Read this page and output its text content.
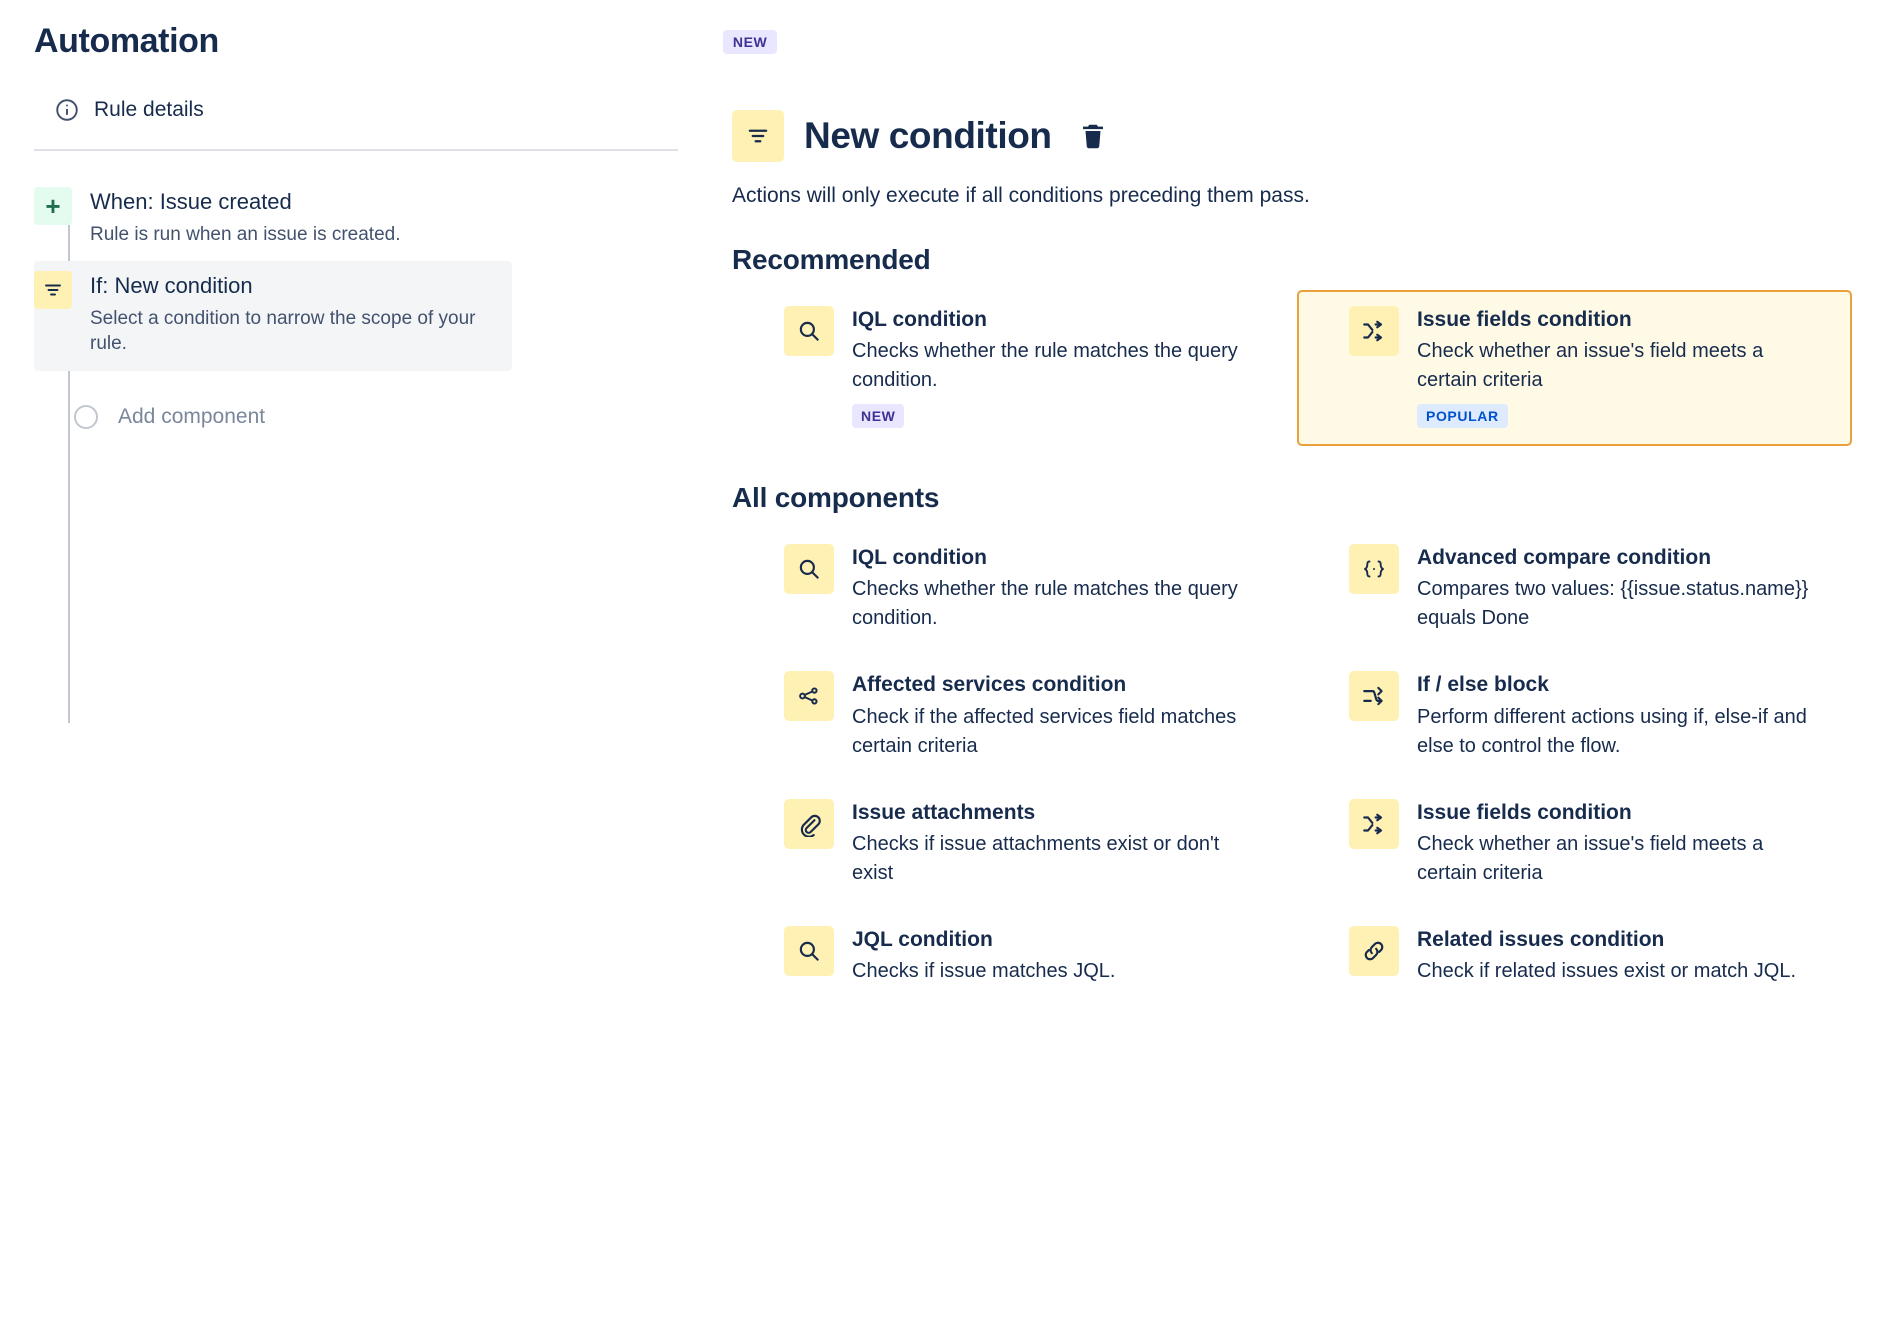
Automation	NEW
Rule details
+	When: Issue created
Rule is run when an issue is created.
If: New condition
Select a condition to narrow the scope of your rule.
Add component
New condition
Actions will only execute if all conditions preceding them pass.
Recommended
IQL condition
Checks whether the rule matches the query condition.
NEW
Issue fields condition
Check whether an issue's field meets a certain criteria
POPULAR
All components
IQL condition
Checks whether the rule matches the query condition.
Advanced compare condition
Compares two values: {{issue.status.name}} equals Done
Affected services condition
Check if the affected services field matches certain criteria
If / else block
Perform different actions using if, else-if and else to control the flow.
Issue attachments
Checks if issue attachments exist or don't exist
Issue fields condition
Check whether an issue's field meets a certain criteria
JQL condition
Checks if issue matches JQL.
Related issues condition
Check if related issues exist or match JQL.
